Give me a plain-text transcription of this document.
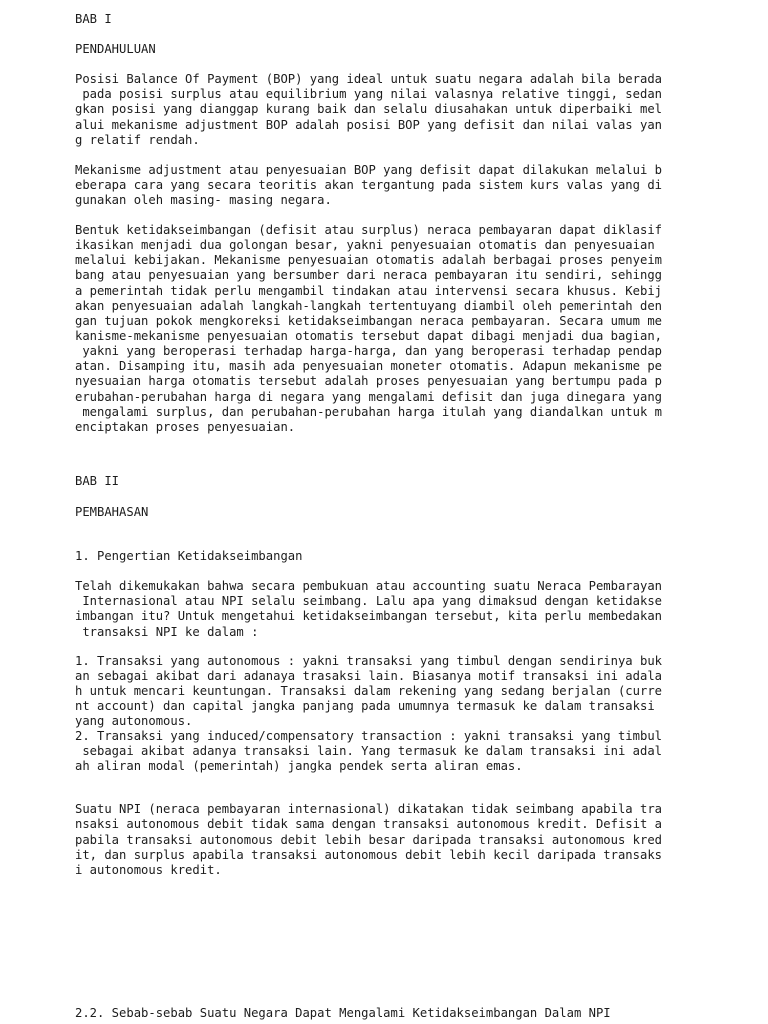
BAB I

PENDAHULUAN

Posisi Balance Of Payment (BOP) yang ideal untuk suatu negara adalah bila berada

pada posisi surplus atau equilibrium yang nilai valasnya relative tinggi, sedan

gkan posisi yang dianggap kurang baik dan selalu diusahakan untuk diperbaiki mel

alui mekanisme adjustment BOP adalah posisi BOP yang defisit dan nilai valas yan

g relatif rendah.

Mekanisme adjustment atau penyesuaian BOP yang defisit dapat dilakukan melalui b

eberapa cara yang secara teoritis akan tergantung pada sistem kurs valas yang di

gunakan oleh masing- masing negara.

Bentuk ketidakseimbangan (defisit atau surplus) neraca pembayaran dapat diklasif

ikasikan menjadi dua golongan besar, yakni penyesuaian otomatis dan penyesuaian

melalui kebijakan. Mekanisme penyesuaian otomatis adalah berbagai proses penyeim

bang atau penyesuaian yang bersumber dari neraca pembayaran itu sendiri, sehingg

a pemerintah tidak perlu mengambil tindakan atau intervensi secara khusus. Kebij

akan penyesuaian adalah langkah-langkah tertentuyang diambil oleh pemerintah den

gan tujuan pokok mengkoreksi ketidakseimbangan neraca pembayaran. Secara umum me

kanisme-mekanisme penyesuaian otomatis tersebut dapat dibagi menjadi dua bagian,

yakni yang beroperasi terhadap harga-harga, dan yang beroperasi terhadap pendap

atan. Disamping itu, masih ada penyesuaian moneter otomatis. Adapun mekanisme pe

nyesuaian harga otomatis tersebut adalah proses penyesuaian yang bertumpu pada p

erubahan-perubahan harga di negara yang mengalami defisit dan juga dinegara yang

mengalami surplus, dan perubahan-perubahan harga itulah yang diandalkan untuk m

enciptakan proses penyesuaian.

BAB II

PEMBAHASAN

1. Pengertian Ketidakseimbangan

Telah dikemukakan bahwa secara pembukuan atau accounting suatu Neraca Pembarayan

Internasional atau NPI selalu seimbang. Lalu apa yang dimaksud dengan ketidakse

imbangan itu? Untuk mengetahui ketidakseimbangan tersebut, kita perlu membedakan

transaksi NPI ke dalam :

1. Transaksi yang autonomous : yakni transaksi yang timbul dengan sendirinya buk

an sebagai akibat dari adanaya trasaksi lain. Biasanya motif transaksi ini adala

h untuk mencari keuntungan. Transaksi dalam rekening yang sedang berjalan (curre

nt account) dan capital jangka panjang pada umumnya termasuk ke dalam transaksi

yang autonomous.

2. Transaksi yang induced/compensatory transaction : yakni transaksi yang timbul

sebagai akibat adanya transaksi lain. Yang termasuk ke dalam transaksi ini adal

ah aliran modal (pemerintah) jangka pendek serta aliran emas.

Suatu NPI (neraca pembayaran internasional) dikatakan tidak seimbang apabila tra

nsaksi autonomous debit tidak sama dengan transaksi autonomous kredit. Defisit a

pabila transaksi autonomous debit lebih besar daripada transaksi autonomous kred

it, dan surplus apabila transaksi autonomous debit lebih kecil daripada transaks

i autonomous kredit.

2.2. Sebab-sebab Suatu Negara Dapat Mengalami Ketidakseimbangan Dalam NPI
